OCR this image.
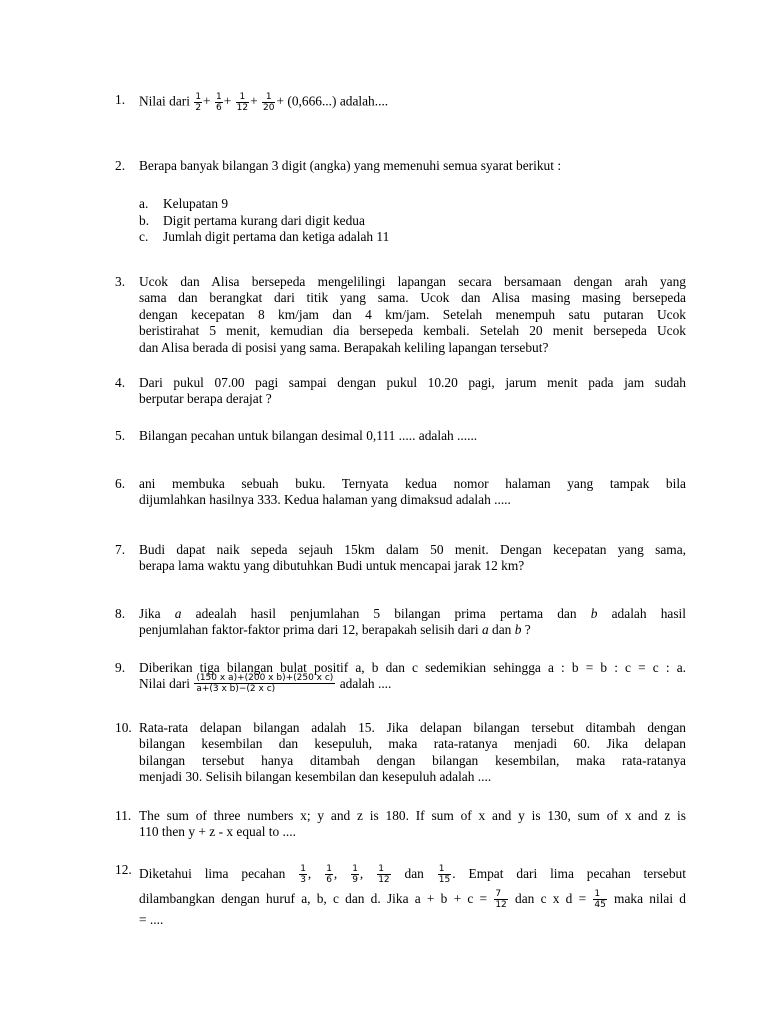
1.	Nilai dari $\frac{1}{2} + \frac{1}{6} + \frac{1}{12} + \frac{1}{20} + (0,666...)$ adalah....
2.	Berapa banyak bilangan 3 digit (angka) yang memenuhi semua syarat berikut :
a. Kelupatan 9
b. Digit pertama kurang dari digit kedua
c. Jumlah digit pertama dan ketiga adalah 11
3.	Ucok dan Alisa bersepeda mengelilingi lapangan secara bersamaan dengan arah yang
sama dan berangkat dari titik yang sama. Ucok dan Alisa masing masing bersepeda
dengan kecepatan 8 km/jam dan 4 km/jam. Setelah menempuh satu putaran Ucok
beristirahat 5 menit, kemudian dia bersepeda kembali. Setelah 20 menit bersepeda Ucok
dan Alisa berada di posisi yang sama. Berapakah keliling lapangan tersebut?
4.	Dari pukul 07.00 pagi sampai dengan pukul 10.20 pagi, jarum menit pada jam sudah
berputar berapa derajat ?
5.	Bilangan pecahan untuk bilangan desimal 0,111 ..... adalah ......
6.	ani membuka sebuah buku. Ternyata kedua nomor halaman yang tampak bila
dijumlahkan hasilnya 333. Kedua halaman yang dimaksud adalah .....
7.	Budi dapat naik sepeda sejauh 15km dalam 50 menit. Dengan kecepatan yang sama,
berapa lama waktu yang dibutuhkan Budi untuk mencapai jarak 12 km?
8.	Jika a adealah hasil penjumlahan 5 bilangan prima pertama dan b adalah hasil
penjumlahan faktor-faktor prima dari 12, berapakah selisih dari a dan b ?
9.	Diberikan tiga bilangan bulat positif a, b dan c sedemikian sehingga a : b = b : c = c : a.
Nilai dari $\frac{\text{(150 x a)+(200 x b)+(250 x c)}}{\text{a+(3 x b)−(2 x c)}}$ adalah ....
10. Rata-rata delapan bilangan adalah 15. Jika delapan bilangan tersebut ditambah dengan
bilangan kesembilan dan kesepuluh, maka rata-ratanya menjadi 60. Jika delapan
bilangan tersebut hanya ditambah dengan bilangan kesembilan, maka rata-ratanya
menjadi 30. Selisih bilangan kesembilan dan kesepuluh adalah ....
11. The sum of three numbers x; y and z is 180. If sum of x and y is 130, sum of x and z is
110 then y + z - x equal to ....
12. Diketahui lima pecahan $\frac{1}{3}$ , $\frac{1}{6}$ , $\frac{1}{9}$ , $\frac{1}{12}$ dan $\frac{1}{15}$ . Empat dari lima pecahan tersebut
dilambangkan dengan huruf a, b, c dan d. Jika $a + b + c = \frac{7}{12}$ dan c x $d = \frac{1}{45}$ maka nilai d
= ....
